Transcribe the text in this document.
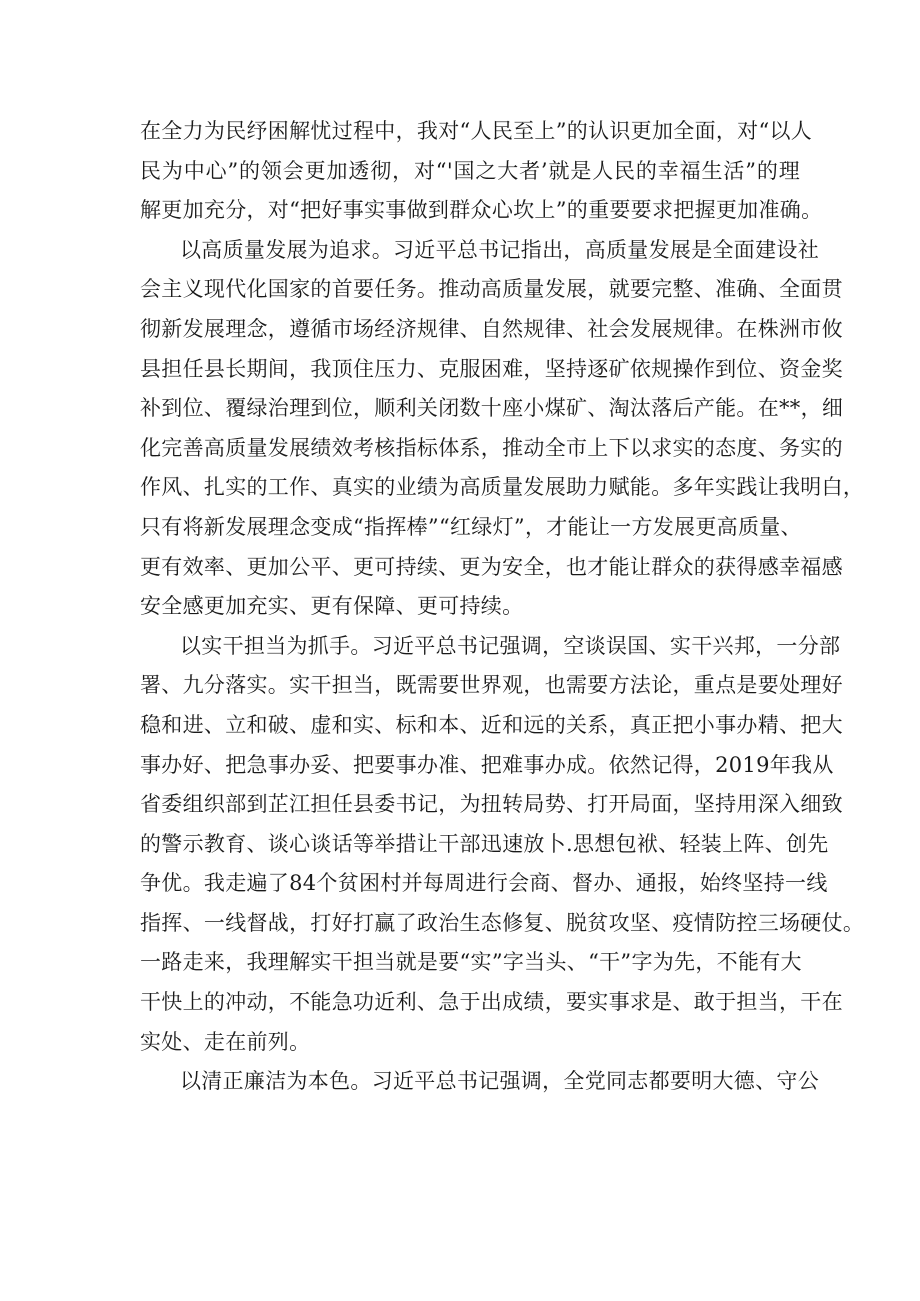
在全力为民纾困解忧过程中，我对“人民至上”的认识更加全面，对“以人
民为中心”的领会更加透彻，对“'国之大者’就是人民的幸福生活”的理
解更加充分，对“把好事实事做到群众心坎上”的重要要求把握更加准确。
以高质量发展为追求。习近平总书记指出，高质量发展是全面建设社
会主义现代化国家的首要任务。推动高质量发展，就要完整、准确、全面贯
彻新发展理念，遵循市场经济规律、自然规律、社会发展规律。在株洲市攸
县担任县长期间，我顶住压力、克服困难，坚持逐矿依规操作到位、资金奖
补到位、覆绿治理到位，顺利关闭数十座小煤矿、淘汰落后产能。在**，细
化完善高质量发展绩效考核指标体系，推动全市上下以求实的态度、务实的
作风、扎实的工作、真实的业绩为高质量发展助力赋能。多年实践让我明白，
只有将新发展理念变成“指挥棒”“红绿灯”，才能让一方发展更高质量、
更有效率、更加公平、更可持续、更为安全，也才能让群众的获得感幸福感
安全感更加充实、更有保障、更可持续。
以实干担当为抓手。习近平总书记强调，空谈误国、实干兴邦，一分部
署、九分落实。实干担当，既需要世界观，也需要方法论，重点是要处理好
稳和进、立和破、虚和实、标和本、近和远的关系，真正把小事办精、把大
事办好、把急事办妥、把要事办准、把难事办成。依然记得，2019年我从
省委组织部到芷江担任县委书记，为扭转局势、打开局面，坚持用深入细致
的警示教育、谈心谈话等举措让干部迅速放卜.思想包袱、轻装上阵、创先
争优。我走遍了84个贫困村并每周进行会商、督办、通报，始终坚持一线
指挥、一线督战，打好打赢了政治生态修复、脱贫攻坚、疫情防控三场硬仗。
一路走来，我理解实干担当就是要“实”字当头、“干”字为先，不能有大
干快上的冲动，不能急功近利、急于出成绩，要实事求是、敢于担当，干在
实处、走在前列。
以清正廉洁为本色。习近平总书记强调，全党同志都要明大德、守公
